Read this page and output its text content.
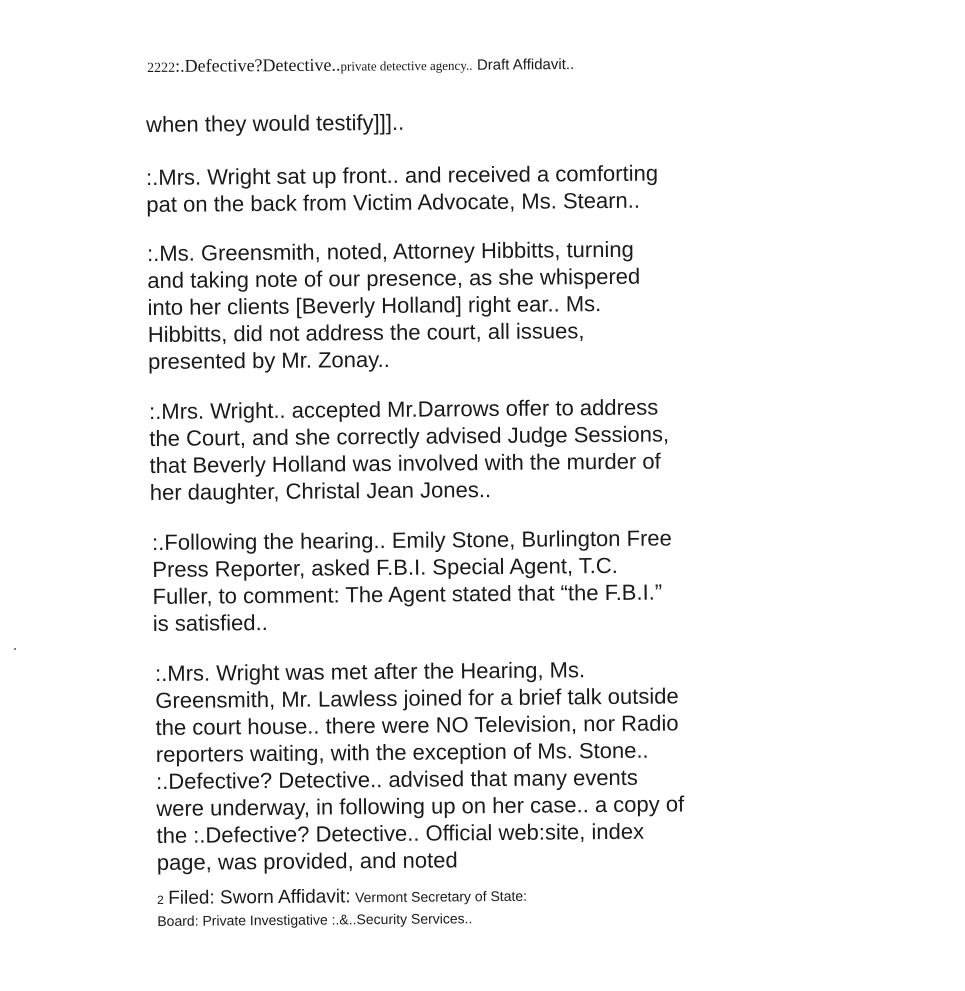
2222:.Defective?Detective..private detective agency.. Draft Affidavit..
when they would testify]]]..
:.Mrs. Wright sat up front.. and received a comforting
pat on the back from Victim Advocate, Ms. Stearn..
:.Ms. Greensmith, noted, Attorney Hibbitts, turning
and taking note of our presence, as she whispered
into her clients [Beverly Holland] right ear.. Ms.
Hibbitts, did not address the court, all issues,
presented by Mr. Zonay..
:.Mrs. Wright.. accepted Mr.Darrows offer to address
the Court, and she correctly advised Judge Sessions,
that Beverly Holland was involved with the murder of
her daughter, Christal Jean Jones..
:.Following the hearing.. Emily Stone, Burlington Free
Press Reporter, asked F.B.I. Special Agent, T.C.
Fuller, to comment: The Agent stated that “the F.B.I.”
is satisfied..
:.Mrs. Wright was met after the Hearing, Ms.
Greensmith, Mr. Lawless joined for a brief talk outside
the court house.. there were NO Television, nor Radio
reporters waiting, with the exception of Ms. Stone..
:.Defective? Detective.. advised that many events
were underway, in following up on her case.. a copy of
the :.Defective? Detective.. Official web:site, index
page, was provided, and noted
2 Filed: Sworn Affidavit: Vermont Secretary of State:
Board: Private Investigative :.&..Security Services..
